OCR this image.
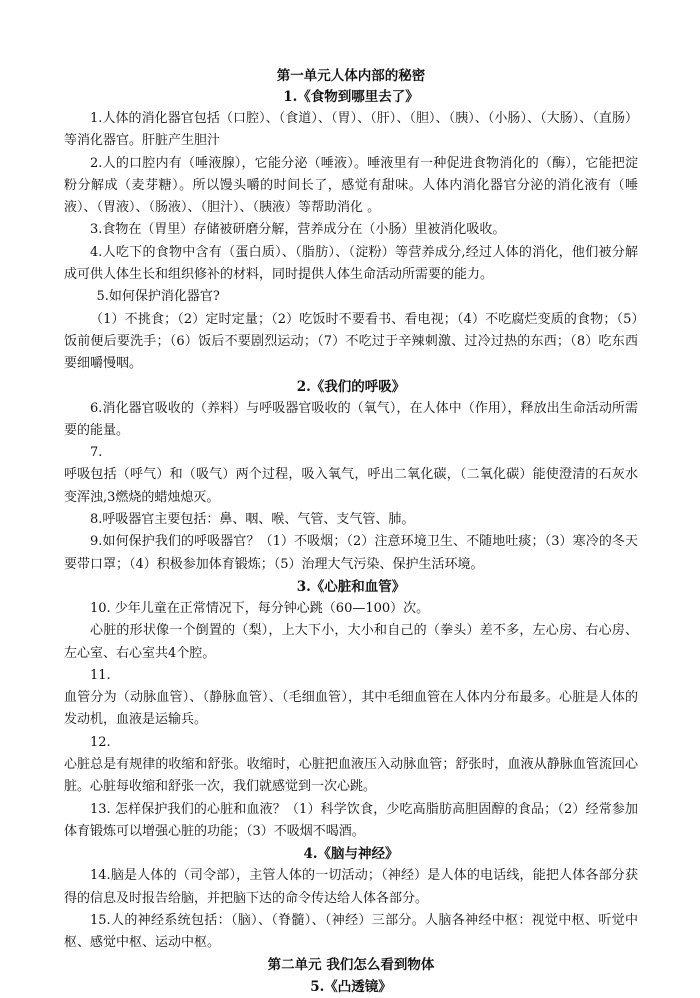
第一单元人体内部的秘密
1.《食物到哪里去了》
1.人体的消化器官包括（口腔）、（食道）、（胃）、（肝）、（胆）、（胰）、（小肠）、（大肠）、（直肠）等消化器官。肝脏产生胆汁
2.人的口腔内有（唾液腺），它能分泌（唾液）。唾液里有一种促进食物消化的（酶），它能把淀粉分解成（麦芽糖）。所以馒头嚼的时间长了，感觉有甜味。人体内消化器官分泌的消化液有（唾液）、（胃液）、（肠液）、（胆汁）、（胰液）等帮助消化 。
3.食物在（胃里）存储被研磨分解，营养成分在（小肠）里被消化吸收。
4.人吃下的食物中含有（蛋白质）、（脂肪）、（淀粉）等营养成分,经过人体的消化，他们被分解成可供人体生长和组织修补的材料，同时提供人体生命活动所需要的能力。
5.如何保护消化器官?
（1）不挑食；（2）定时定量；（2）吃饭时不要看书、看电视；（4）不吃腐烂变质的食物；（5）饭前便后要洗手；（6）饭后不要剧烈运动；（7）不吃过于辛辣刺激、过冷过热的东西；（8）吃东西要细嚼慢咽。
2.《我们的呼吸》
6.消化器官吸收的（养料）与呼吸器官吸收的（氧气），在人体中（作用），释放出生命活动所需要的能量。
7.
呼吸包括（呼气）和（吸气）两个过程，吸入氧气，呼出二氧化碳，（二氧化碳）能使澄清的石灰水变浑浊,3燃烧的蜡烛熄灭。
8.呼吸器官主要包括：鼻、咽、喉、气管、支气管、肺。
9.如何保护我们的呼吸器官？（1）不吸烟；（2）注意环境卫生、不随地吐痰；（3）寒冷的冬天要带口罩；（4）积极参加体育锻炼；（5）治理大气污染、保护生活环境。
3.《心脏和血管》
10. 少年儿童在正常情况下，每分钟心跳（60—100）次。
心脏的形状像一个倒置的（梨），上大下小，大小和自己的（拳头）差不多，左心房、右心房、左心室、右心室共4个腔。
11.
血管分为（动脉血管）、（静脉血管）、（毛细血管），其中毛细血管在人体内分布最多。心脏是人体的发动机，血液是运输兵。
12.
心脏总是有规律的收缩和舒张。收缩时，心脏把血液压入动脉血管；舒张时，血液从静脉血管流回心脏。心脏每收缩和舒张一次，我们就感觉到一次心跳。
13. 怎样保护我们的心脏和血液？（1）科学饮食，少吃高脂肪高胆固醇的食品；（2）经常参加体育锻炼可以增强心脏的功能；（3）不吸烟不喝酒。
4.《脑与神经》
14.脑是人体的（司令部），主管人体的一切活动；（神经）是人体的电话线，能把人体各部分获得的信息及时报告给脑，并把脑下达的命令传达给人体各部分。
15.人的神经系统包括：（脑）、（脊髓）、（神经）三部分。人脑各神经中枢：视觉中枢、听觉中枢、感觉中枢、运动中枢。
第二单元 我们怎么看到物体
5.《凸透镜》
